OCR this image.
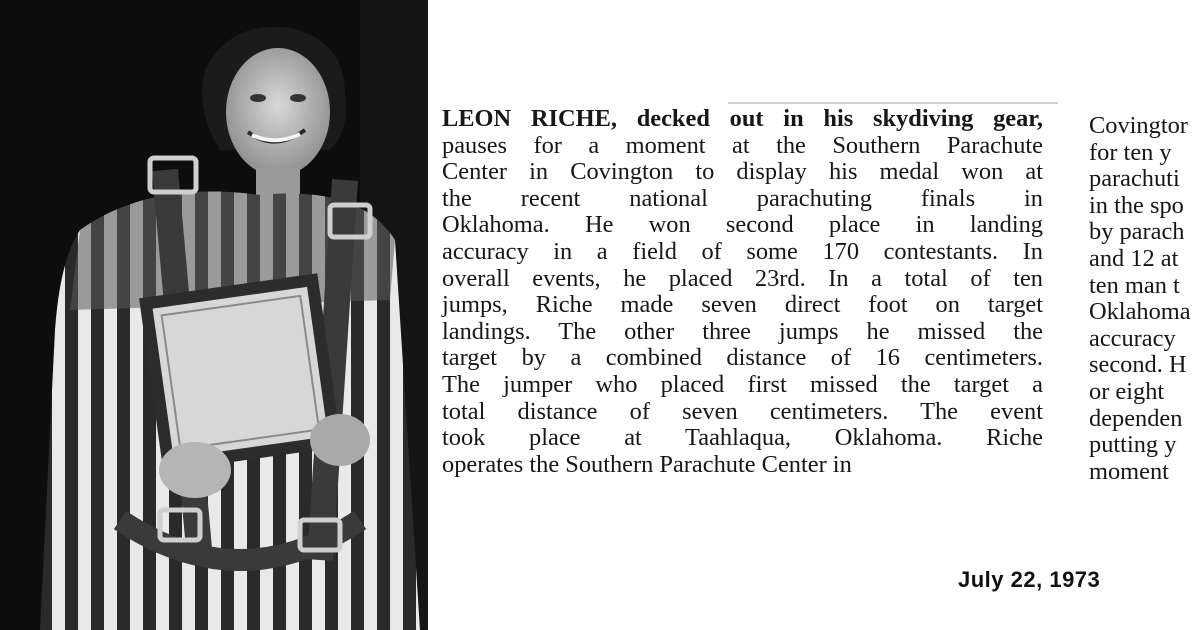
LEON RICHE, decked out in his skydiving gear,
pauses for a moment at the Southern Parachute
Center in Covington to display his medal won at
the recent national parachuting finals in
Oklahoma. He won second place in landing
accuracy in a field of some 170 contestants. In
overall events, he placed 23rd. In a total of ten
jumps, Riche made seven direct foot on target
landings. The other three jumps he missed the
target by a combined distance of 16 centimeters.
The jumper who placed first missed the target a
total distance of seven centimeters. The event
took place at Taahlaqua, Oklahoma. Riche
operates the Southern Parachute Center in
Covingtor
for ten y
parachuti
in the spo
by parach
and 12 at
ten man t
Oklahoma
accuracy
second. H
or eight
dependen
putting y
moment
July 22, 1973
